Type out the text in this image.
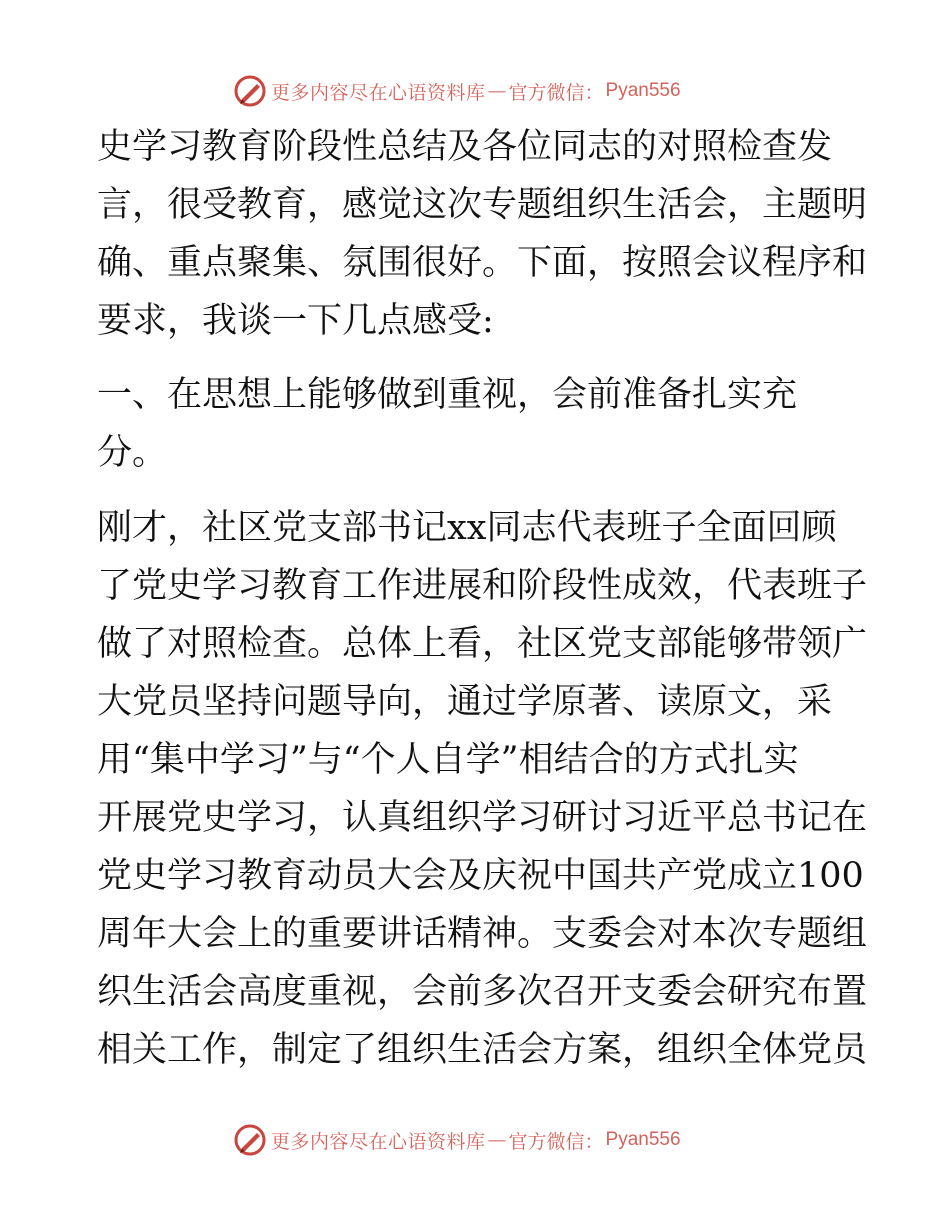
更多内容尽在心语资料库 — 官方微信： Pyan556

史学习教育阶段性总结及各位同志的对照检查发

言，很受教育，感觉这次专题组织生活会，主题明

确、重点聚集、氛围很好。下面，按照会议程序和

要求，我谈一下几点感受:

一、在思想上能够做到重视，会前准备扎实充

分。

刚才，社区党支部书记xx同志代表班子全面回顾

了党史学习教育工作进展和阶段性成效，代表班子

做了对照检查。总体上看，社区党支部能够带领广

大党员坚持问题导向，通过学原著、读原文，采

用“集中学习”与“个人自学”相结合的方式扎实

开展党史学习，认真组织学习研讨习近平总书记在

党史学习教育动员大会及庆祝中国共产党成立100

周年大会上的重要讲话精神。支委会对本次专题组

织生活会高度重视，会前多次召开支委会研究布置

相关工作，制定了组织生活会方案，组织全体党员

更多内容尽在心语资料库 — 官方微信： Pyan556
